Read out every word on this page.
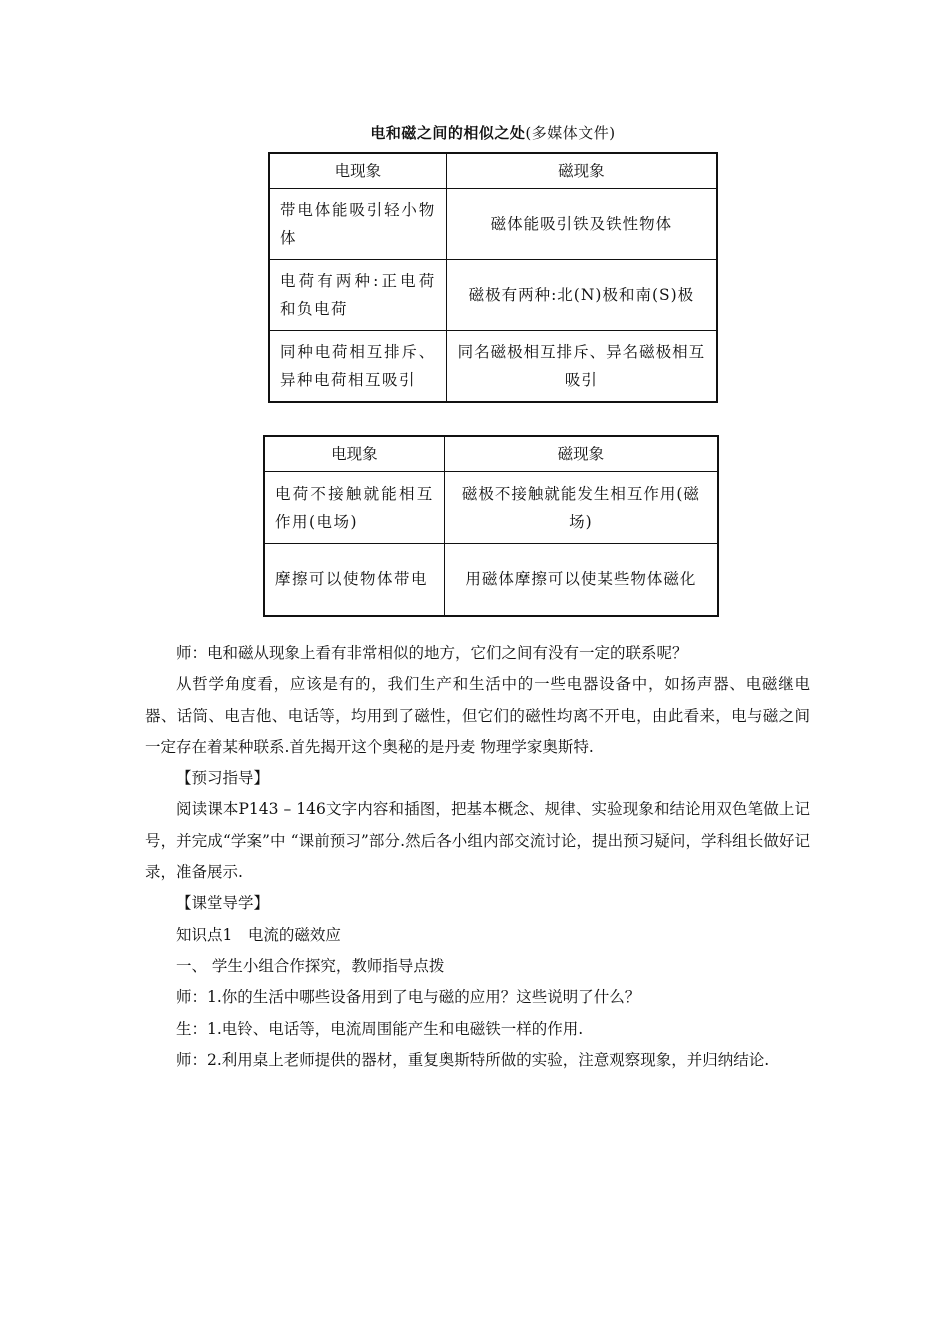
电和磁之间的相似之处(多媒体文件)
电现象	磁现象
带电体能吸引轻小物体	磁体能吸引铁及铁性物体
电荷有两种:正电荷和负电荷	磁极有两种:北(N)极和南(S)极
同种电荷相互排斥、异种电荷相互吸引	同名磁极相互排斥、异名磁极相互吸引
电现象	磁现象
电荷不接触就能相互作用(电场)	磁极不接触就能发生相互作用(磁场)
摩擦可以使物体带电	用磁体摩擦可以使某些物体磁化

师：电和磁从现象上看有非常相似的地方，它们之间有没有一定的联系呢？

从哲学角度看，应该是有的，我们生产和生活中的一些电器设备中，如扬声器、电磁继电器、话筒、电吉他、电话等，均用到了磁性，但它们的磁性均离不开电，由此看来，电与磁之间一定存在着某种联系.首先揭开这个奥秘的是丹麦 物理学家奥斯特.

【预习指导】

阅读课本P143 – 146文字内容和插图，把基本概念、规律、实验现象和结论用双色笔做上记号，并完成“学案”中 “课前预习”部分.然后各小组内部交流讨论，提出预习疑问，学科组长做好记录，准备展示.

【课堂导学】

知识点1　电流的磁效应

一、 学生小组合作探究，教师指导点拨

师：1.你的生活中哪些设备用到了电与磁的应用？这些说明了什么？

生：1.电铃、电话等，电流周围能产生和电磁铁一样的作用.

师：2.利用桌上老师提供的器材，重复奥斯特所做的实验，注意观察现象，并归纳结论.
